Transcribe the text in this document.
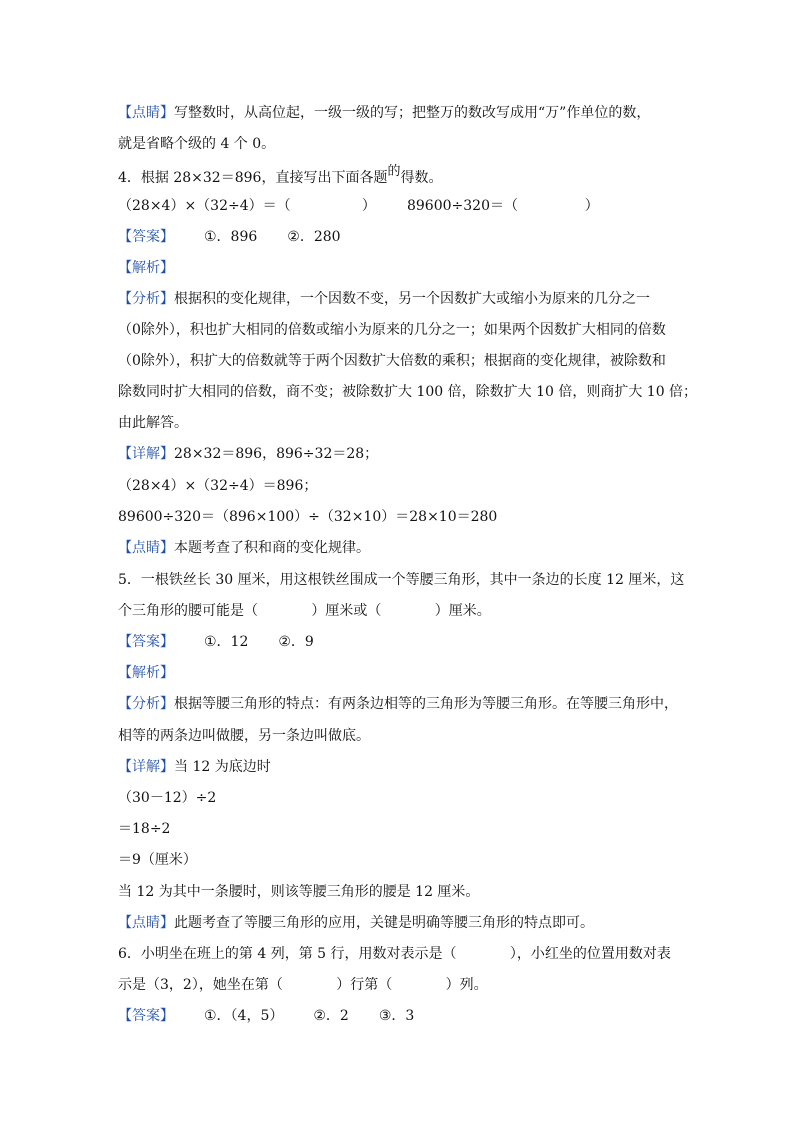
【点睛】写整数时，从高位起，一级一级的写；把整万的数改写成用“万”作单位的数，
就是省略个级的 4 个 0。
4．根据 28×32＝896，直接写出下面各题的得数。
（28×4）×（32÷4）＝（                ）       89600÷320＝（               ）
【答案】 ①．896 ②．280
【解析】
【分析】根据积的变化规律，一个因数不变，另一个因数扩大或缩小为原来的几分之一
（0除外），积也扩大相同的倍数或缩小为原来的几分之一；如果两个因数扩大相同的倍数
（0除外），积扩大的倍数就等于两个因数扩大倍数的乘积；根据商的变化规律，被除数和
除数同时扩大相同的倍数，商不变；被除数扩大 100 倍，除数扩大 10 倍，则商扩大 10 倍；
由此解答。
【详解】28×32＝896，896÷32＝28；
（28×4）×（32÷4）＝896；
89600÷320＝（896×100）÷（32×10）＝28×10＝280
【点睛】本题考查了积和商的变化规律。
5．一根铁丝长 30 厘米，用这根铁丝围成一个等腰三角形，其中一条边的长度 12 厘米，这
个三角形的腰可能是（            ）厘米或（            ）厘米。
【答案】 ①．12 ②．9
【解析】
【分析】根据等腰三角形的特点：有两条边相等的三角形为等腰三角形。在等腰三角形中，
相等的两条边叫做腰，另一条边叫做底。
【详解】当 12 为底边时
（30－12）÷2
＝18÷2
＝9（厘米）
当 12 为其中一条腰时，则该等腰三角形的腰是 12 厘米。
【点睛】此题考查了等腰三角形的应用，关键是明确等腰三角形的特点即可。
6．小明坐在班上的第 4 列，第 5 行，用数对表示是（            ），小红坐的位置用数对表
示是（3，2），她坐在第（            ）行第（            ）列。
【答案】 ①．（4，5） ②．2 ③．3
